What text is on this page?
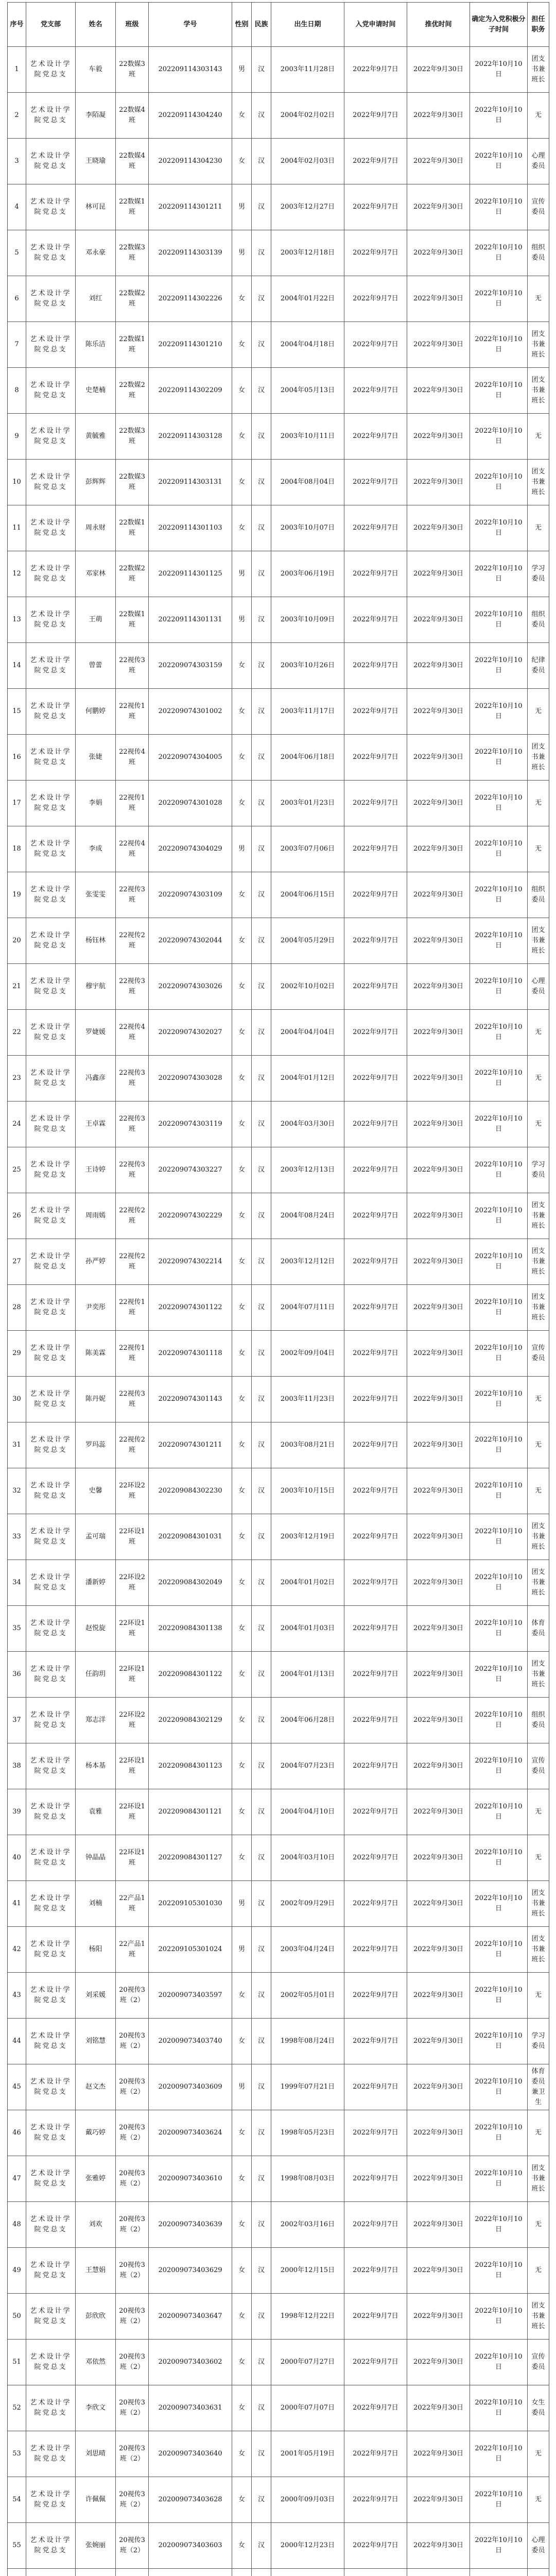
序号	党支部	姓名	班级	学号	性别	民族	出生日期	入党申请时间	推优时间	确定为入党积极分子时间	担任职务
1	艺术设计学院党总支	车毅	22数媒3班	202209114303143	男	汉	2003年11月28日	2022年9月7日	2022年9月30日	2022年10月10日	团支书兼班长
2	艺术设计学院党总支	李陌凝	22数媒4班	202209114304240	女	汉	2004年02月02日	2022年9月7日	2022年9月30日	2022年10月10日	无
3	艺术设计学院党总支	王晓瑜	22数媒4班	202209114304230	女	汉	2004年02月03日	2022年9月7日	2022年9月30日	2022年10月10日	心理委员
4	艺术设计学院党总支	林可昆	22数媒1班	202209114301211	男	汉	2003年12月27日	2022年9月7日	2022年9月30日	2022年10月10日	宣传委员
5	艺术设计学院党总支	邓永豪	22数媒3班	202209114303139	男	汉	2003年12月18日	2022年9月7日	2022年9月30日	2022年10月10日	组织委员
6	艺术设计学院党总支	刘红	22数媒2班	202209114302226	女	汉	2004年01月22日	2022年9月7日	2022年9月30日	2022年10月10日	无
7	艺术设计学院党总支	陈乐洁	22数媒1班	202209114301210	女	汉	2004年04月18日	2022年9月7日	2022年9月30日	2022年10月10日	团支书兼班长
8	艺术设计学院党总支	史楚楠	22数媒2班	202209114302209	女	汉	2004年05月13日	2022年9月7日	2022年9月30日	2022年10月10日	团支书兼班长
9	艺术设计学院党总支	黄毓雅	22数媒3班	202209114303128	女	汉	2003年10月11日	2022年9月7日	2022年9月30日	2022年10月10日	无
10	艺术设计学院党总支	彭辉辉	22数媒3班	202209114303131	女	汉	2004年08月04日	2022年9月7日	2022年9月30日	2022年10月10日	团支书兼班长
11	艺术设计学院党总支	周永财	22数媒1班	202209114301103	女	汉	2003年10月07日	2022年9月7日	2022年9月30日	2022年10月10日	无
12	艺术设计学院党总支	邓家林	22数媒2班	202209114301125	男	汉	2003年06月19日	2022年9月7日	2022年9月30日	2022年10月10日	学习委员
13	艺术设计学院党总支	王萌	22数媒1班	202209114301131	男	汉	2003年10月09日	2022年9月7日	2022年9月30日	2022年10月10日	组织委员
14	艺术设计学院党总支	曾蕾	22视传3班	202209074303159	女	汉	2003年10月26日	2022年9月7日	2022年9月30日	2022年10月10日	纪律委员
15	艺术设计学院党总支	何鹏婷	22视传1班	202209074301002	女	汉	2003年11月17日	2022年9月7日	2022年9月30日	2022年10月10日	无
16	艺术设计学院党总支	张婕	22视传4班	202209074304005	女	汉	2004年06月18日	2022年9月7日	2022年9月30日	2022年10月10日	团支书兼班长
17	艺术设计学院党总支	李娟	22视传1班	202209074301028	女	汉	2003年01月23日	2022年9月7日	2022年9月30日	2022年10月10日	无
18	艺术设计学院党总支	李成	22视传4班	202209074304029	男	汉	2003年07月06日	2022年9月7日	2022年9月30日	2022年10月10日	无
19	艺术设计学院党总支	张雯雯	22视传3班	202209074303109	女	汉	2004年06月15日	2022年9月7日	2022年9月30日	2022年10月10日	组织委员
20	艺术设计学院党总支	杨钰林	22视传2班	202209074302044	女	汉	2004年05月29日	2022年9月7日	2022年9月30日	2022年10月10日	团支书兼班长
21	艺术设计学院党总支	穆宇航	22视传3班	202209074303026	女	汉	2002年10月02日	2022年9月7日	2022年9月30日	2022年10月10日	心理委员
22	艺术设计学院党总支	罗婕媛	22视传4班	202209074302027	女	汉	2004年04月04日	2022年9月7日	2022年9月30日	2022年10月10日	无
23	艺术设计学院党总支	冯鑫彦	22视传3班	202209074303028	女	汉	2004年01月12日	2022年9月7日	2022年9月30日	2022年10月10日	无
24	艺术设计学院党总支	王卓霖	22视传3班	202209074303119	女	汉	2004年03月30日	2022年9月7日	2022年9月30日	2022年10月10日	无
25	艺术设计学院党总支	王诗婷	22视传3班	202209074303227	女	汉	2003年12月13日	2022年9月7日	2022年9月30日	2022年10月10日	学习委员
26	艺术设计学院党总支	周雨嫣	22视传2班	202209074302229	女	汉	2004年08月24日	2022年9月7日	2022年9月30日	2022年10月10日	团支书兼班长
27	艺术设计学院党总支	孙严婷	22视传2班	202209074302214	女	汉	2003年12月12日	2022年9月7日	2022年9月30日	2022年10月10日	团支书兼班长
28	艺术设计学院党总支	尹奕彤	22视传1班	202209074301122	女	汉	2004年07月11日	2022年9月7日	2022年9月30日	2022年10月10日	团支书兼班长
29	艺术设计学院党总支	陈美霖	22视传1班	202209074301118	女	汉	2002年09月04日	2022年9月7日	2022年9月30日	2022年10月10日	宣传委员
30	艺术设计学院党总支	陈丹妮	22视传3班	202209074301143	女	汉	2003年11月23日	2022年9月7日	2022年9月30日	2022年10月10日	无
31	艺术设计学院党总支	罗玛蕊	22视传2班	202209074301211	女	汉	2003年08月21日	2022年9月7日	2022年9月30日	2022年10月10日	无
32	艺术设计学院党总支	史馨	22环设2班	202209084302230	女	汉	2003年10月15日	2022年9月7日	2022年9月30日	2022年10月10日	无
33	艺术设计学院党总支	孟可瑞	22环设1班	202209084301031	女	汉	2003年12月19日	2022年9月7日	2022年9月30日	2022年10月10日	团支书兼班长
34	艺术设计学院党总支	潘新婷	22环设2班	202209084302049	女	汉	2004年01月02日	2022年9月7日	2022年9月30日	2022年10月10日	团支书兼班长
35	艺术设计学院党总支	赵悦旋	22环设1班	202209084301138	女	汉	2004年01月03日	2022年9月7日	2022年9月30日	2022年10月10日	体育委员
36	艺术设计学院党总支	任韵玥	22环设1班	202209084301122	女	汉	2004年01月13日	2022年9月7日	2022年9月30日	2022年10月10日	团支书兼班长
37	艺术设计学院党总支	郑志洋	22环设2班	202209084302129	女	汉	2004年06月28日	2022年9月7日	2022年9月30日	2022年10月10日	组织委员
38	艺术设计学院党总支	杨本基	22环设1班	202209084301123	女	汉	2004年07月23日	2022年9月7日	2022年9月30日	2022年10月10日	宣传委员
39	艺术设计学院党总支	袁雅	22环设1班	202209084301121	女	汉	2004年04月10日	2022年9月7日	2022年9月30日	2022年10月10日	无
40	艺术设计学院党总支	钟晶晶	22环设1班	202209084301127	女	汉	2004年03月10日	2022年9月7日	2022年9月30日	2022年10月10日	无
41	艺术设计学院党总支	刘楠	22产品1班	202209105301030	男	汉	2002年09月29日	2022年9月7日	2022年9月30日	2022年10月10日	团支书兼班长
42	艺术设计学院党总支	杨阳	22产品1班	202209105301024	男	汉	2003年04月24日	2022年9月7日	2022年9月30日	2022年10月10日	团支书兼班长
43	艺术设计学院党总支	刘采媛	20视传3班（2）	202009073403597	女	汉	2002年05月01日	2022年9月7日	2022年9月30日	2022年10月10日	无
44	艺术设计学院党总支	刘铭慧	20视传3班（2）	202009073403740	女	汉	1998年08月24日	2022年9月7日	2022年9月30日	2022年10月10日	学习委员
45	艺术设计学院党总支	赵文杰	20视传3班（2）	202009073403609	男	汉	1999年07月21日	2022年9月7日	2022年9月30日	2022年10月10日	体育委员兼卫生
46	艺术设计学院党总支	戴巧婷	20视传3班（2）	202009073403624	女	汉	1998年05月23日	2022年9月7日	2022年9月30日	2022年10月10日	无
47	艺术设计学院党总支	张雅婷	20视传3班（2）	202009073403610	女	汉	1998年08月03日	2022年9月7日	2022年9月30日	2022年10月10日	团支书兼班长
48	艺术设计学院党总支	刘欢	20视传3班（2）	202009073403639	女	汉	2002年03月16日	2022年9月7日	2022年9月30日	2022年10月10日	无
49	艺术设计学院党总支	王慧娟	20视传3班（2）	202009073403629	女	汉	2000年12月15日	2022年9月7日	2022年9月30日	2022年10月10日	无
50	艺术设计学院党总支	彭欣欣	20视传3班（2）	202009073403647	女	汉	1998年12月22日	2022年9月7日	2022年9月30日	2022年10月10日	团支书兼班长
51	艺术设计学院党总支	邓依然	20视传3班（2）	202009073403602	女	汉	2000年07月27日	2022年9月7日	2022年9月30日	2022年10月10日	宣传委员
52	艺术设计学院党总支	李欣文	20视传3班（2）	202009073403631	女	汉	2000年07月07日	2022年9月7日	2022年9月30日	2022年10月10日	女生委员
53	艺术设计学院党总支	刘思晴	20视传3班（2）	202009073403640	女	汉	2001年05月19日	2022年9月7日	2022年9月30日	2022年10月10日	无
54	艺术设计学院党总支	许佩佩	20视传3班（2）	202009073403628	女	汉	2000年09月03日	2022年9月7日	2022年9月30日	2022年10月10日	无
55	艺术设计学院党总支	张婉丽	20视传3班（2）	202009073403603	女	汉	2000年12月23日	2022年9月7日	2022年9月30日	2022年10月10日	心理委员
